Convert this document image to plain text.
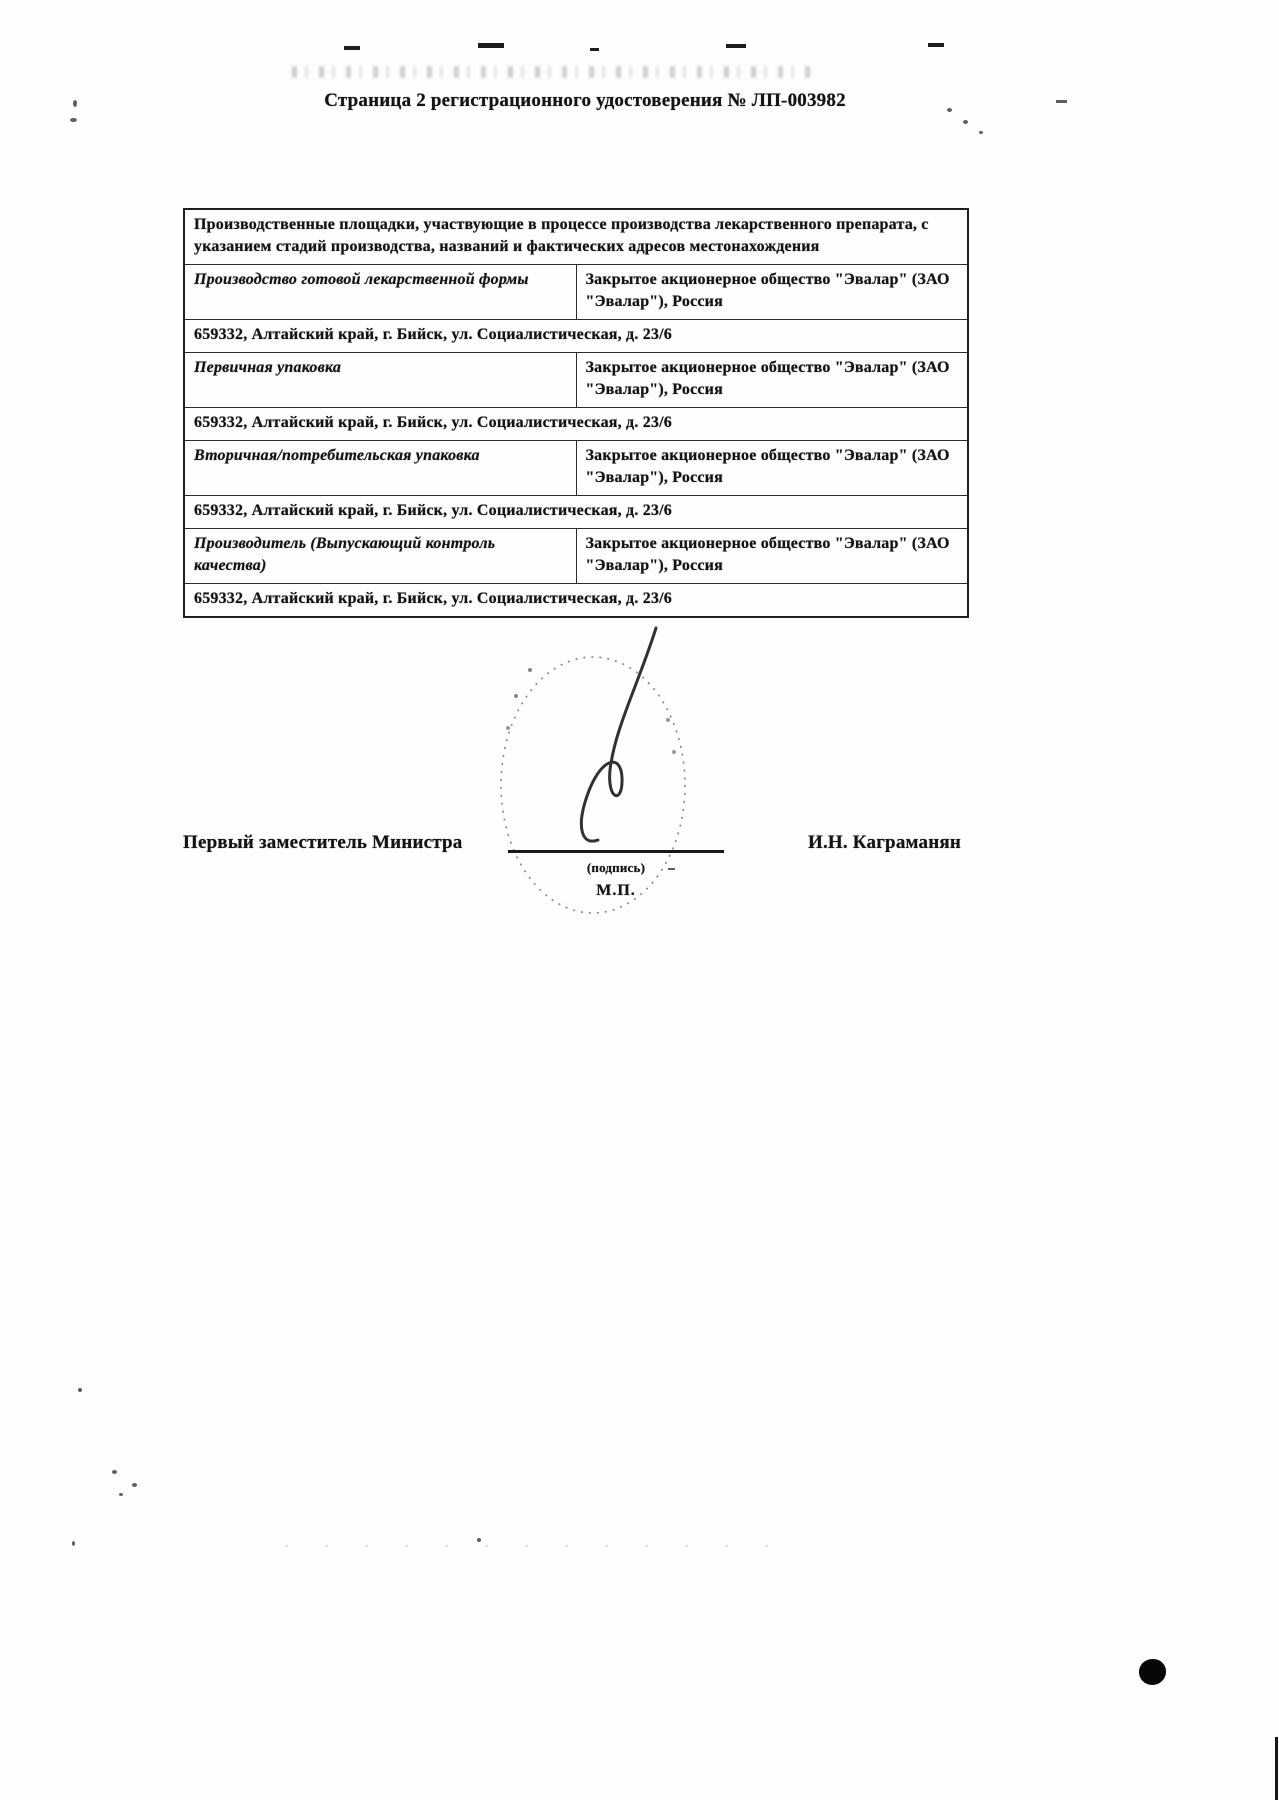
Страница 2 регистрационного удостоверения № ЛП-003982
Производственные площадки, участвующие в процессе производства лекарственного препарата, с указанием стадий производства, названий и фактических адресов местонахождения	
Производство готовой лекарственной формы	Закрытое акционерное общество "Эвалар" (ЗАО "Эвалар"), Россия
659332, Алтайский край, г. Бийск, ул. Социалистическая, д. 23/6	
Первичная упаковка	Закрытое акционерное общество "Эвалар" (ЗАО "Эвалар"), Россия
659332, Алтайский край, г. Бийск, ул. Социалистическая, д. 23/6	
Вторичная/потребительская упаковка	Закрытое акционерное общество "Эвалар" (ЗАО "Эвалар"), Россия
659332, Алтайский край, г. Бийск, ул. Социалистическая, д. 23/6	
Производитель (Выпускающий контроль качества)	Закрытое акционерное общество "Эвалар" (ЗАО "Эвалар"), Россия
659332, Алтайский край, г. Бийск, ул. Социалистическая, д. 23/6	
Первый заместитель Министра
(подпись)
М.П.
И.Н. Каграманян
